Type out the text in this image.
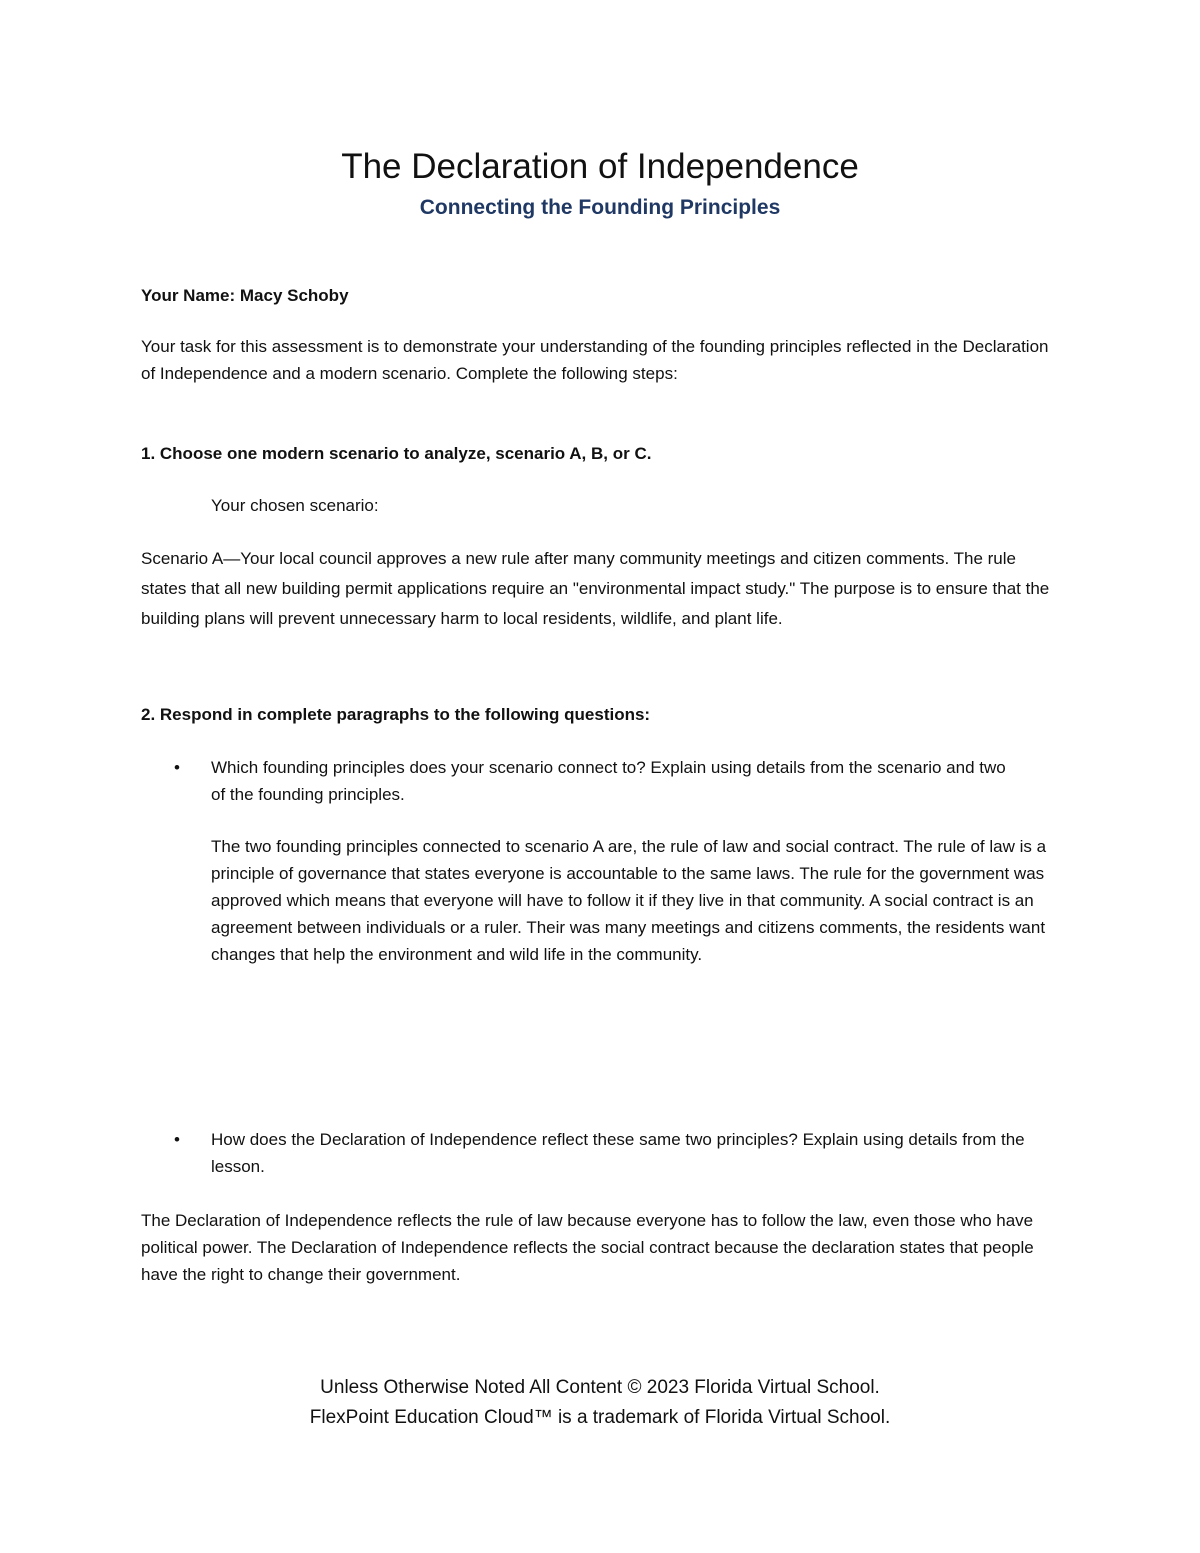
The Declaration of Independence
Connecting the Founding Principles

Your Name: Macy Schoby

Your task for this assessment is to demonstrate your understanding of the founding principles reflected in the Declaration of Independence and a modern scenario. Complete the following steps:

1. Choose one modern scenario to analyze, scenario A, B, or C.

Your chosen scenario:

Scenario A—Your local council approves a new rule after many community meetings and citizen comments. The rule states that all new building permit applications require an "environmental impact study." The purpose is to ensure that the building plans will prevent unnecessary harm to local residents, wildlife, and plant life.

2. Respond in complete paragraphs to the following questions:

• Which founding principles does your scenario connect to? Explain using details from the scenario and two of the founding principles.

The two founding principles connected to scenario A are, the rule of law and social contract. The rule of law is a principle of governance that states everyone is accountable to the same laws. The rule for the government was approved which means that everyone will have to follow it if they live in that community. A social contract is an agreement between individuals or a ruler. Their was many meetings and citizens comments, the residents want changes that help the environment and wild life in the community.

• How does the Declaration of Independence reflect these same two principles? Explain using details from the lesson.

The Declaration of Independence reflects the rule of law because everyone has to follow the law, even those who have political power. The Declaration of Independence reflects the social contract because the declaration states that people have the right to change their government.

Unless Otherwise Noted All Content © 2023 Florida Virtual School.

FlexPoint Education Cloud™ is a trademark of Florida Virtual School.
